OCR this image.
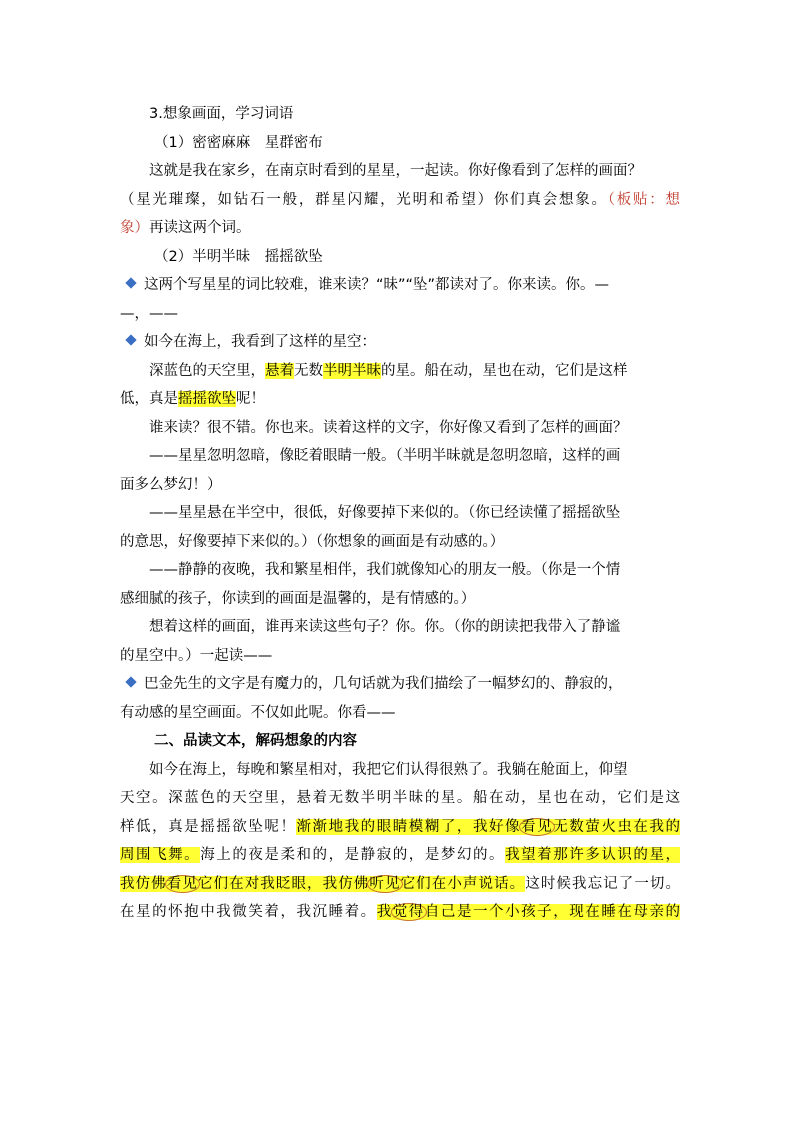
3.想象画面，学习词语
（1）密密麻麻　星群密布
这就是我在家乡，在南京时看到的星星，一起读。你好像看到了怎样的画面？
（星光璀璨，如钻石一般，群星闪耀，光明和希望）你们真会想象。（板贴：想
象）再读这两个词。
（2）半明半昧　摇摇欲坠
这两个写星星的词比较难，谁来读？“昧”“坠”都读对了。你来读。你。—
—，——
如今在海上，我看到了这样的星空：
深蓝色的天空里，悬着无数半明半昧的星。船在动，星也在动，它们是这样
低，真是摇摇欲坠呢！
谁来读？很不错。你也来。读着这样的文字，你好像又看到了怎样的画面？
——星星忽明忽暗，像眨着眼睛一般。（半明半昧就是忽明忽暗，这样的画
面多么梦幻！）
——星星悬在半空中，很低，好像要掉下来似的。（你已经读懂了摇摇欲坠
的意思，好像要掉下来似的。）（你想象的画面是有动感的。）
——静静的夜晚，我和繁星相伴，我们就像知心的朋友一般。（你是一个情
感细腻的孩子，你读到的画面是温馨的，是有情感的。）
想着这样的画面，谁再来读这些句子？你。你。（你的朗读把我带入了静谧
的星空中。）一起读——
巴金先生的文字是有魔力的，几句话就为我们描绘了一幅梦幻的、静寂的，
有动感的星空画面。不仅如此呢。你看——
二、品读文本，解码想象的内容
如今在海上，每晚和繁星相对，我把它们认得很熟了。我躺在舱面上，仰望
天空。深蓝色的天空里，悬着无数半明半昧的星。船在动，星也在动，它们是这
样低，真是摇摇欲坠呢！渐渐地我的眼睛模糊了，我好像看见无数萤火虫在我的
周围飞舞。海上的夜是柔和的，是静寂的，是梦幻的。我望着那许多认识的星，
我仿佛看见它们在对我眨眼，我仿佛听见它们在小声说话。这时候我忘记了一切。
在星的怀抱中我微笑着，我沉睡着。我觉得自己是一个小孩子，现在睡在母亲的
